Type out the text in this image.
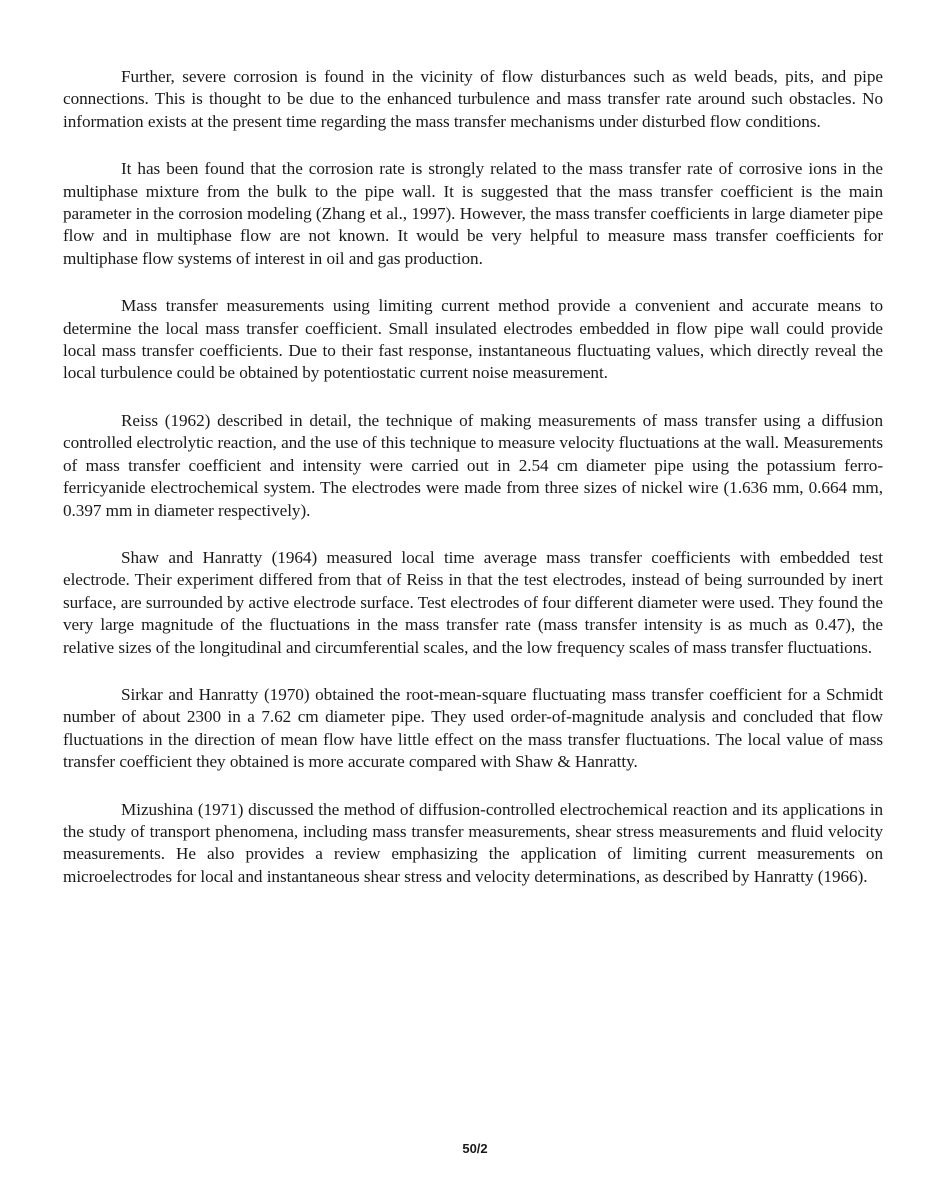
Further, severe corrosion is found in the vicinity of flow disturbances such as weld beads, pits, and pipe connections. This is thought to be due to the enhanced turbulence and mass transfer rate around such obstacles. No information exists at the present time regarding the mass transfer mechanisms under disturbed flow conditions.

It has been found that the corrosion rate is strongly related to the mass transfer rate of corrosive ions in the multiphase mixture from the bulk to the pipe wall. It is suggested that the mass transfer coefficient is the main parameter in the corrosion modeling (Zhang et al., 1997). However, the mass transfer coefficients in large diameter pipe flow and in multiphase flow are not known. It would be very helpful to measure mass transfer coefficients for multiphase flow systems of interest in oil and gas production.

Mass transfer measurements using limiting current method provide a convenient and accurate means to determine the local mass transfer coefficient. Small insulated electrodes embedded in flow pipe wall could provide local mass transfer coefficients. Due to their fast response, instantaneous fluctuating values, which directly reveal the local turbulence could be obtained by potentiostatic current noise measurement.

Reiss (1962) described in detail, the technique of making measurements of mass transfer using a diffusion controlled electrolytic reaction, and the use of this technique to measure velocity fluctuations at the wall. Measurements of mass transfer coefficient and intensity were carried out in 2.54 cm diameter pipe using the potassium ferro-ferricyanide electrochemical system. The electrodes were made from three sizes of nickel wire (1.636 mm, 0.664 mm, 0.397 mm in diameter respectively).

Shaw and Hanratty (1964) measured local time average mass transfer coefficients with embedded test electrode. Their experiment differed from that of Reiss in that the test electrodes, instead of being surrounded by inert surface, are surrounded by active electrode surface. Test electrodes of four different diameter were used. They found the very large magnitude of the fluctuations in the mass transfer rate (mass transfer intensity is as much as 0.47), the relative sizes of the longitudinal and circumferential scales, and the low frequency scales of mass transfer fluctuations.

Sirkar and Hanratty (1970) obtained the root-mean-square fluctuating mass transfer coefficient for a Schmidt number of about 2300 in a 7.62 cm diameter pipe. They used order-of-magnitude analysis and concluded that flow fluctuations in the direction of mean flow have little effect on the mass transfer fluctuations. The local value of mass transfer coefficient they obtained is more accurate compared with Shaw & Hanratty.

Mizushina (1971) discussed the method of diffusion-controlled electrochemical reaction and its applications in the study of transport phenomena, including mass transfer measurements, shear stress measurements and fluid velocity measurements. He also provides a review emphasizing the application of limiting current measurements on microelectrodes for local and instantaneous shear stress and velocity determinations, as described by Hanratty (1966).

50/2
